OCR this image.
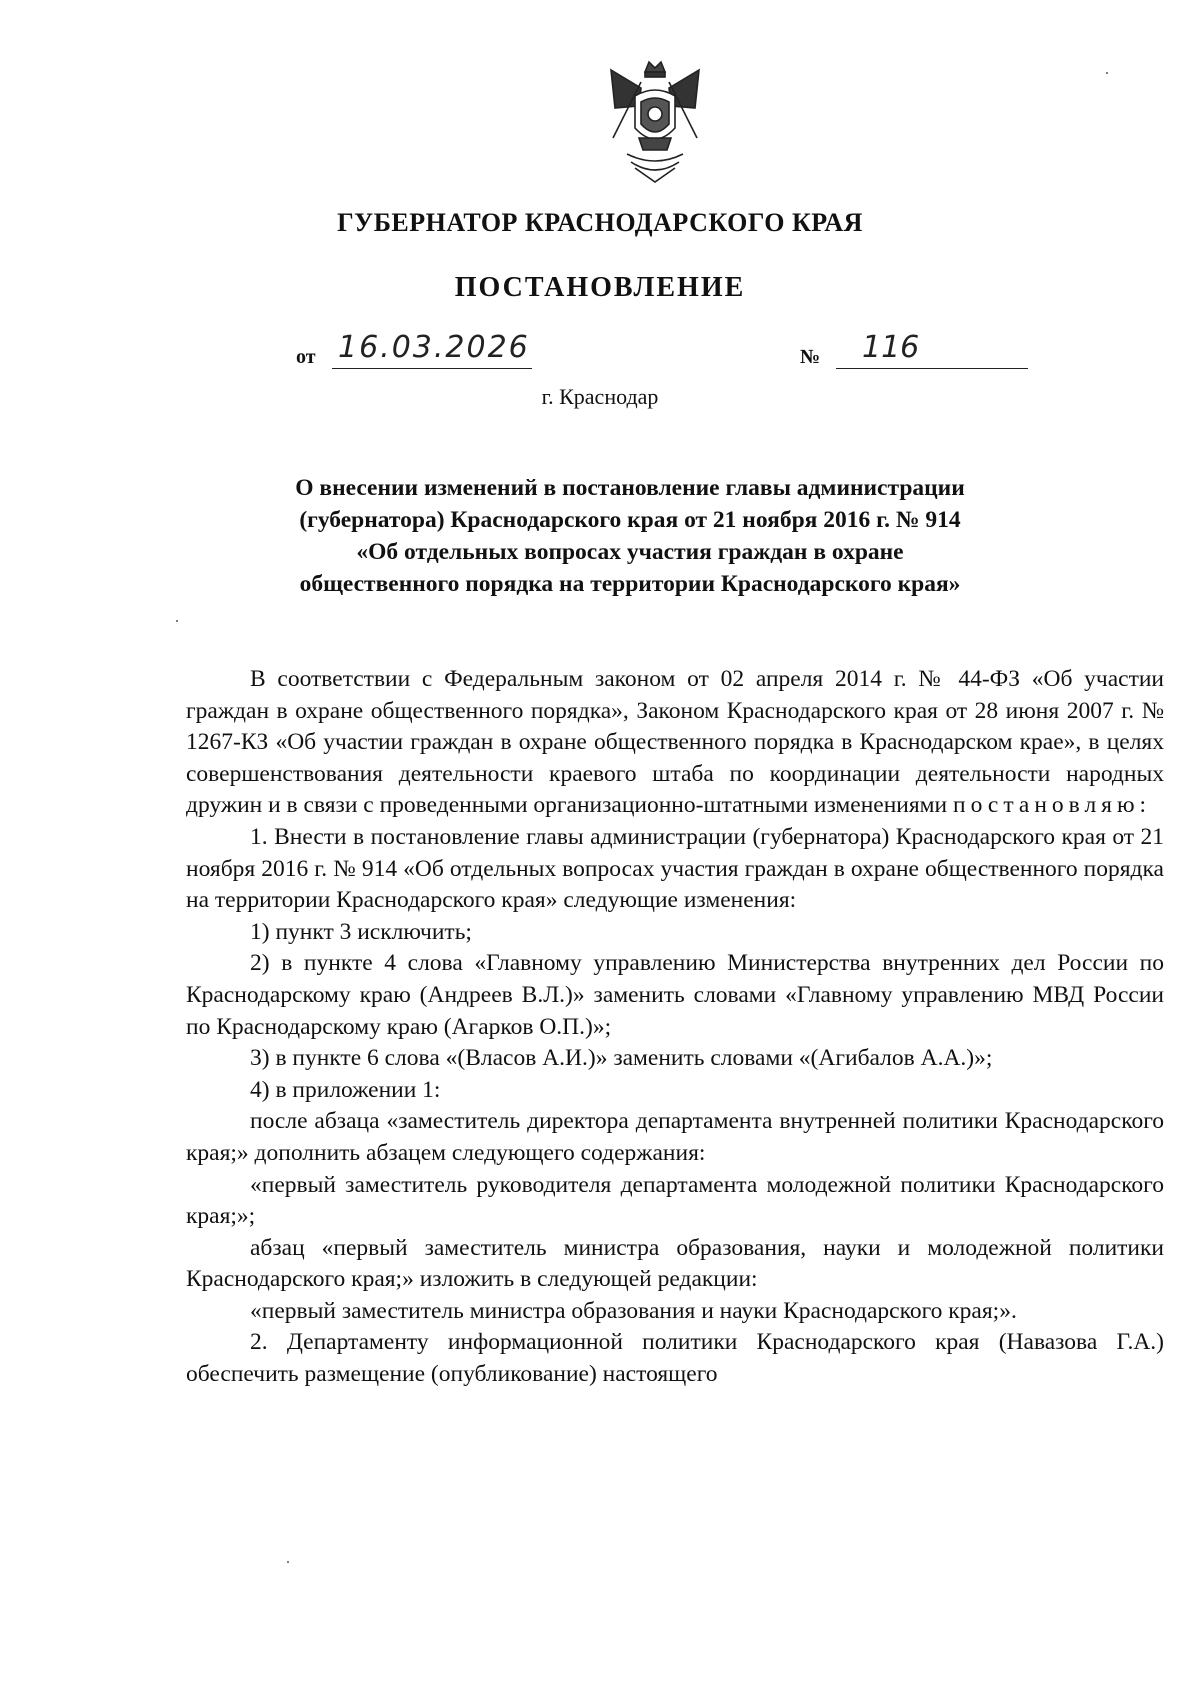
ГУБЕРНАТОР КРАСНОДАРСКОГО КРАЯ
ПОСТАНОВЛЕНИЕ
от 16.03.2026	№ 116
г. Краснодар
О внесении изменений в постановление главы администрации
(губернатора) Краснодарского края от 21 ноября 2016 г. № 914
«Об отдельных вопросах участия граждан в охране
общественного порядка на территории Краснодарского края»

В соответствии с Федеральным законом от 02 апреля 2014 г. № 44-ФЗ «Об участии граждан в охране общественного порядка», Законом Краснодарского края от 28 июня 2007 г. № 1267-КЗ «Об участии граждан в охране общественного порядка в Краснодарском крае», в целях совершенствования деятельности краевого штаба по координации деятельности народных дружин и в связи с проведенными организационно-штатными изменениями постановляю:

1. Внести в постановление главы администрации (губернатора) Краснодарского края от 21 ноября 2016 г. № 914 «Об отдельных вопросах участия граждан в охране общественного порядка на территории Краснодарского края» следующие изменения:

1) пункт 3 исключить;

2) в пункте 4 слова «Главному управлению Министерства внутренних дел России по Краснодарскому краю (Андреев В.Л.)» заменить словами «Главному управлению МВД России по Краснодарскому краю (Агарков О.П.)»;

3) в пункте 6 слова «(Власов А.И.)» заменить словами «(Агибалов А.А.)»;

4) в приложении 1:

после абзаца «заместитель директора департамента внутренней политики Краснодарского края;» дополнить абзацем следующего содержания:

«первый заместитель руководителя департамента молодежной политики Краснодарского края;»;

абзац «первый заместитель министра образования, науки и молодежной политики Краснодарского края;» изложить в следующей редакции:

«первый заместитель министра образования и науки Краснодарского края;».

2. Департаменту информационной политики Краснодарского края (Навазова Г.А.) обеспечить размещение (опубликование) настоящего
